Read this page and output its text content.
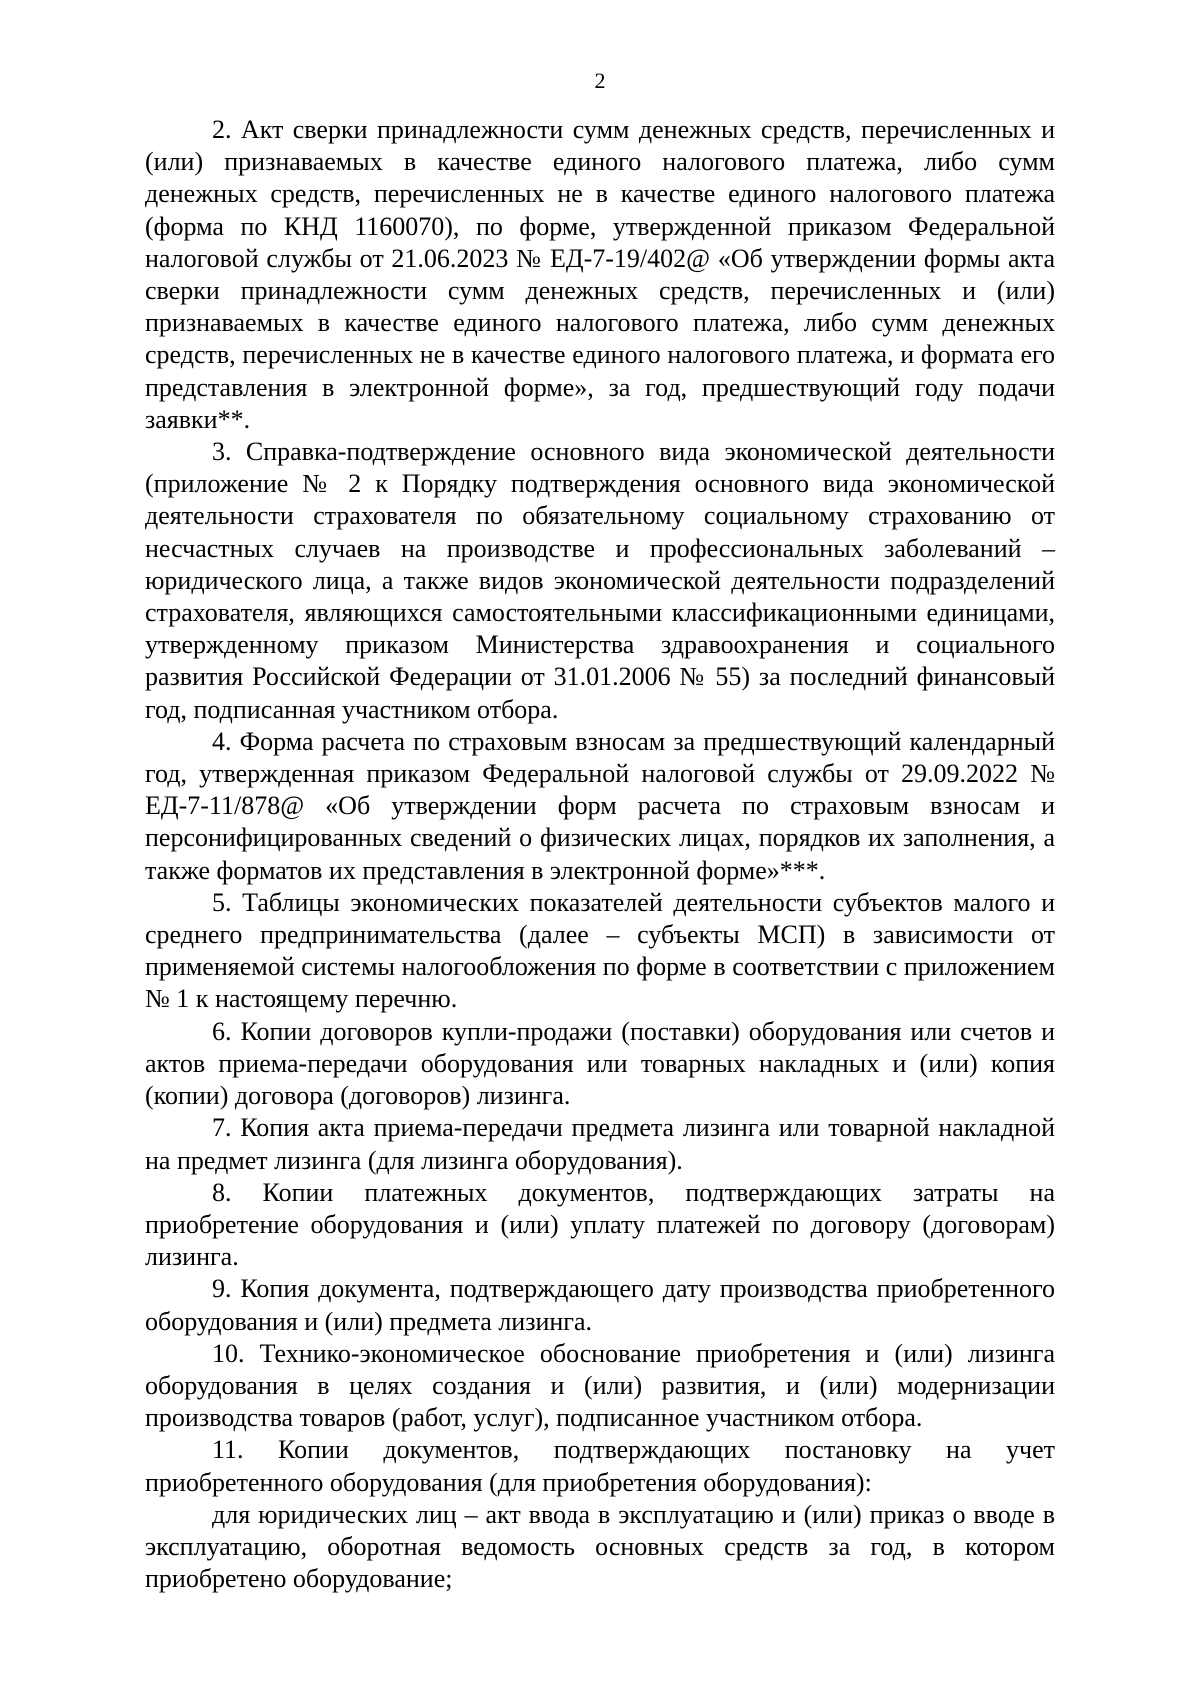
2

2. Акт сверки принадлежности сумм денежных средств, перечисленных и (или) признаваемых в качестве единого налогового платежа, либо сумм денежных средств, перечисленных не в качестве единого налогового платежа (форма по КНД 1160070), по форме, утвержденной приказом Федеральной налоговой службы от 21.06.2023 № ЕД-7-19/402@ «Об утверждении формы акта сверки принадлежности сумм денежных средств, перечисленных и (или) признаваемых в качестве единого налогового платежа, либо сумм денежных средств, перечисленных не в качестве единого налогового платежа, и формата его представления в электронной форме», за год, предшествующий году подачи заявки**.

3. Справка-подтверждение основного вида экономической деятельности (приложение № 2 к Порядку подтверждения основного вида экономической деятельности страхователя по обязательному социальному страхованию от несчастных случаев на производстве и профессиональных заболеваний – юридического лица, а также видов экономической деятельности подразделений страхователя, являющихся самостоятельными классификационными единицами, утвержденному приказом Министерства здравоохранения и социального развития Российской Федерации от 31.01.2006 № 55) за последний финансовый год, подписанная участником отбора.

4. Форма расчета по страховым взносам за предшествующий календарный год, утвержденная приказом Федеральной налоговой службы от 29.09.2022 № ЕД-7-11/878@ «Об утверждении форм расчета по страховым взносам и персонифицированных сведений о физических лицах, порядков их заполнения, а также форматов их представления в электронной форме»***.

5. Таблицы экономических показателей деятельности субъектов малого и среднего предпринимательства (далее – субъекты МСП) в зависимости от применяемой системы налогообложения по форме в соответствии с приложением № 1 к настоящему перечню.

6. Копии договоров купли-продажи (поставки) оборудования или счетов и актов приема-передачи оборудования или товарных накладных и (или) копия (копии) договора (договоров) лизинга.

7. Копия акта приема-передачи предмета лизинга или товарной накладной на предмет лизинга (для лизинга оборудования).

8. Копии платежных документов, подтверждающих затраты на приобретение оборудования и (или) уплату платежей по договору (договорам) лизинга.

9. Копия документа, подтверждающего дату производства приобретенного оборудования и (или) предмета лизинга.

10. Технико-экономическое обоснование приобретения и (или) лизинга оборудования в целях создания и (или) развития, и (или) модернизации производства товаров (работ, услуг), подписанное участником отбора.

11. Копии документов, подтверждающих постановку на учет приобретенного оборудования (для приобретения оборудования):

для юридических лиц – акт ввода в эксплуатацию и (или) приказ о вводе в эксплуатацию, оборотная ведомость основных средств за год, в котором приобретено оборудование;
